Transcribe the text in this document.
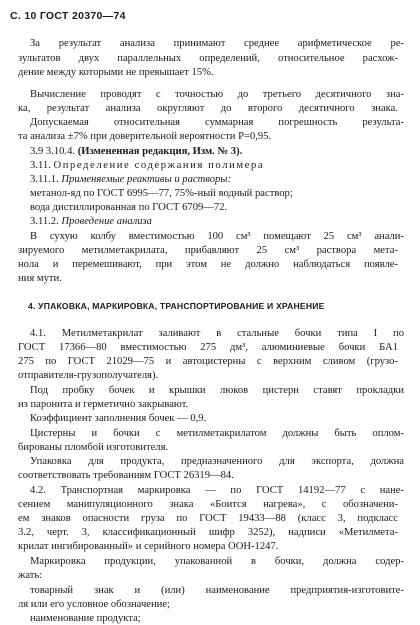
С. 10 ГОСТ 20370—74
За результат анализа принимают среднее арифметическое ре-
зультатов двух параллельных определений, относительное расхож-
дение между которыми не превышает 15%.
Вычисление проводят с точностью до третьего десятичного зна-
ка, результат анализа округляют до второго десятичного знака.
Допускаемая относительная суммарная погрешность результа-
та анализа ±7% при доверительной вероятности P=0,95.
3.9 3.10.4. (Измененная редакция, Изм. № 3).
3.11. Определение содержания полимера
3.11.1. Применяемые реактивы и растворы:
метанол-яд по ГОСТ 6995—77, 75%-ный водный раствор;
вода дистиллированная по ГОСТ 6709—72.
3.11.2. Проведение анализа
В сухую колбу вместимостью 100 см³ помещают 25 см³ анали-
зируемого метилметакрилата, прибавляют 25 см³ раствора мета-
нола и перемешивают, при этом не должно наблюдаться появле-
ния мути.
4. УПАКОВКА, МАРКИРОВКА, ТРАНСПОРТИРОВАНИЕ И ХРАНЕНИЕ
4.1. Метилметакрилат заливают в стальные бочки типа I по
ГОСТ 17366—80 вместимостью 275 дм³, алюминиевые бочки БА1
275 по ГОСТ 21029—75 и автоцистерны с верхним сливом (грузо-
отправителя-грузополучателя).
Под пробку бочек и крышки люков цистерн ставят прокладки
из паронита и герметично закрывают.
Коэффициент заполнения бочек — 0,9.
Цистерны и бочки с метилметакрилатом должны быть оплом-
бированы пломбой изготовителя.
Упаковка для продукта, предназначенного для экспорта, должна
соответствовать требованиям ГОСТ 26319—84.
4.2. Транспортная маркировка — по ГОСТ 14192—77 с нане-
сением манипуляционного знака «Боится нагрева», с обозначени-
ем знаков опасности груза по ГОСТ 19433—88 (класс 3, подкласс
3.2, черт. 3, классификационный шифр 3252), надписи «Метилмета-
крилат ингибированный» и серийного номера ООН-1247.
Маркировка продукции, упакованной в бочки, должна содер-
жать:
товарный знак и (или) наименование предприятия-изготовите-
ля или его условное обозначение;
наименование продукта;
